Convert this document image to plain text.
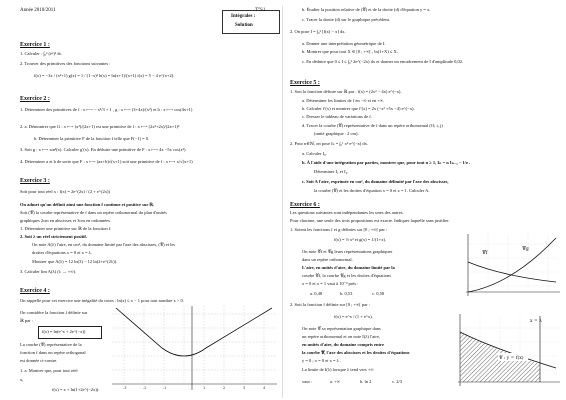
Année 2010/2011
Intégrales :
Solution
T°S1
Exercice 1 :
1. Calculer : ∫₀³ (eˣ)² dt.
2. Trouver des primitives des fonctions suivantes :
f(x) = −3x / (x²+1) g(x) = 1 / (1−x)² h(x) = ln(x+1)/(x+1) i(x) = 5 − 4 e^(x+2).
Exercice 2 :
1. Déterminer des primitives de f : x ⟼ − x²/3 + 1 , g : x ⟼ (3+4x)/(x²) et h : x ⟼ cos(4x+1)
2. a. Démontrer que G : x ⟼ (x²)/(2x+1) est une primitive de f : x ⟼ (2x²+2x)/(2x+1)²
b. Déterminer la primitive F de la fonction f telle que F(−1) = 0.
3. Soit g : x ⟼ sin³(x). Calculer g′(x). En déduire une primitive de F : x ⟼ 4x −5x cos(x²)
4. Déterminer a et b de sorte que F : x ⟼ (ax+b)√(x+1) soit une primitive de f : x ⟼ x/√(x+1)
Exercice 3 :
Soit pour tout réel x : f(x) = 2e^(2x) / (2 + e^(2x))
On admet qu'un définit ainsi une fonction f continue et positive sur ℝ.
Soit (𝒞) la courbe représentative de f dans un repère orthonormal du plan d'unités
graphiques 2cm en abscisses et 3cm en ordonnées.
1. Déterminer une primitive sur ℝ de la fonction f.
2. Soit λ un réel strictement positif.
On note A(λ) l'aire, en cm², du domaine limité par l'axe des abscisses, (𝒞) et les
droites d'équations x = 0 et x = λ.
Montrer que A(λ) = 12 ln(3) − 12 ln(2+e^(2λ)).
3. Calculer lim A(λ) (λ → +∞).
Exercice 4 :
On rappelle pour cet exercice une inégalité du cours : ln(x) ≤ x − 1 pour tout nombre x > 0.
On considère la fonction f définie sur
ℝ par :
f(x) = ln(e^x + 2e^(−x))
La courbe (𝒞) représentative de la
fonction f dans un repère orthogonal
est donnée ci-contre.
1. a. Montrer que, pour tout réel
x,
f(x) = x + ln(1+2e^(−2x)).	-3	-2	-1	1	2	3	4
b. Étudier la position relative de (𝒞) et de la droite (d) d'équation y = x.
c. Tracer la droite (d) sur le graphique précédent.
2. On pose I = ∫₀³ [f(x) − x] dx.
a. Donner une interprétation géométrique de I.
b. Montrer que pour tout X ∈ [0 ; +∞[ , ln(1+X) ≤ X.
c. En déduire que 0 ≤ I ≤ ∫₀³ 2e^(−2x) dx et donner un encadrement de I d'amplitude 0,02.
Exercice 5 :
1. Soit la fonction définie sur ℝ par : f(x) = (2x² − 4x) e^(−x).
a. Déterminer les limites de f en −∞ et en +∞.
b. Calculer f′(x) et montrer que f′(x) = 2x (−x² +5x −4) e^(−x).
c. Dresser le tableau de variations de f.
d. Tracer la courbe (𝒞) représentative de f dans un repère orthonormal (O; i, j)
(unité graphique : 2 cm).
2. Pour n∈ℕ, on pose Iₙ = ∫₀¹ xⁿ e^(−x) dx.
a. Calculer I₀.
b. À l'aide d'une intégration par parties, montrer que, pour tout n ≥ 1, Iₙ = n Iₙ₋₁ − 1/e .
Déterminer I₁ et I₂.
c. Soit A l'aire, exprimée en cm², du domaine délimité par l'axe des abscisses,
la courbe (𝒞) et les droites d'équation x = 0 et x = 1. Calculer A.
Exercice 6 :
Les questions suivantes sont indépendantes les unes des autres.
Pour chacune, une seule des trois propositions est exacte. Indiquer laquelle sans justifier.
1. Soient les fonctions f et g définies sur [0 ; +∞[ par :
f(x) = ½ x² et g(x) = 1/(1+x).
On note 𝒞f et 𝒞g leurs représentations graphiques
dans un repère orthonormal.
L'aire, en unités d'aire, du domaine limité par la
courbe 𝒞f, la courbe 𝒞g et les droites d'équations
x = 0 et x = 1 vaut à 10⁻² près :
a. 0,48	b. 0,53	c. 0,58
2. Soit la fonction f définie sur [0 ; +∞[ par :
f(x) = e^x / (1 + e^x).
On note 𝒞 sa représentation graphique dans
un repère orthonormal et on note I(λ) l'aire,
en unités d'aire, du domaine compris entre
la courbe 𝒞, l'axe des abscisses et les droites d'équations
y = 0 ; x = 0 et x = λ .
La limite de I(λ) lorsque λ tend vers +∞
vaut :	a. +∞	b. ln 2	c. 2/3
𝒞f
𝒞g
𝒞 : y = f(x)
x = λ
